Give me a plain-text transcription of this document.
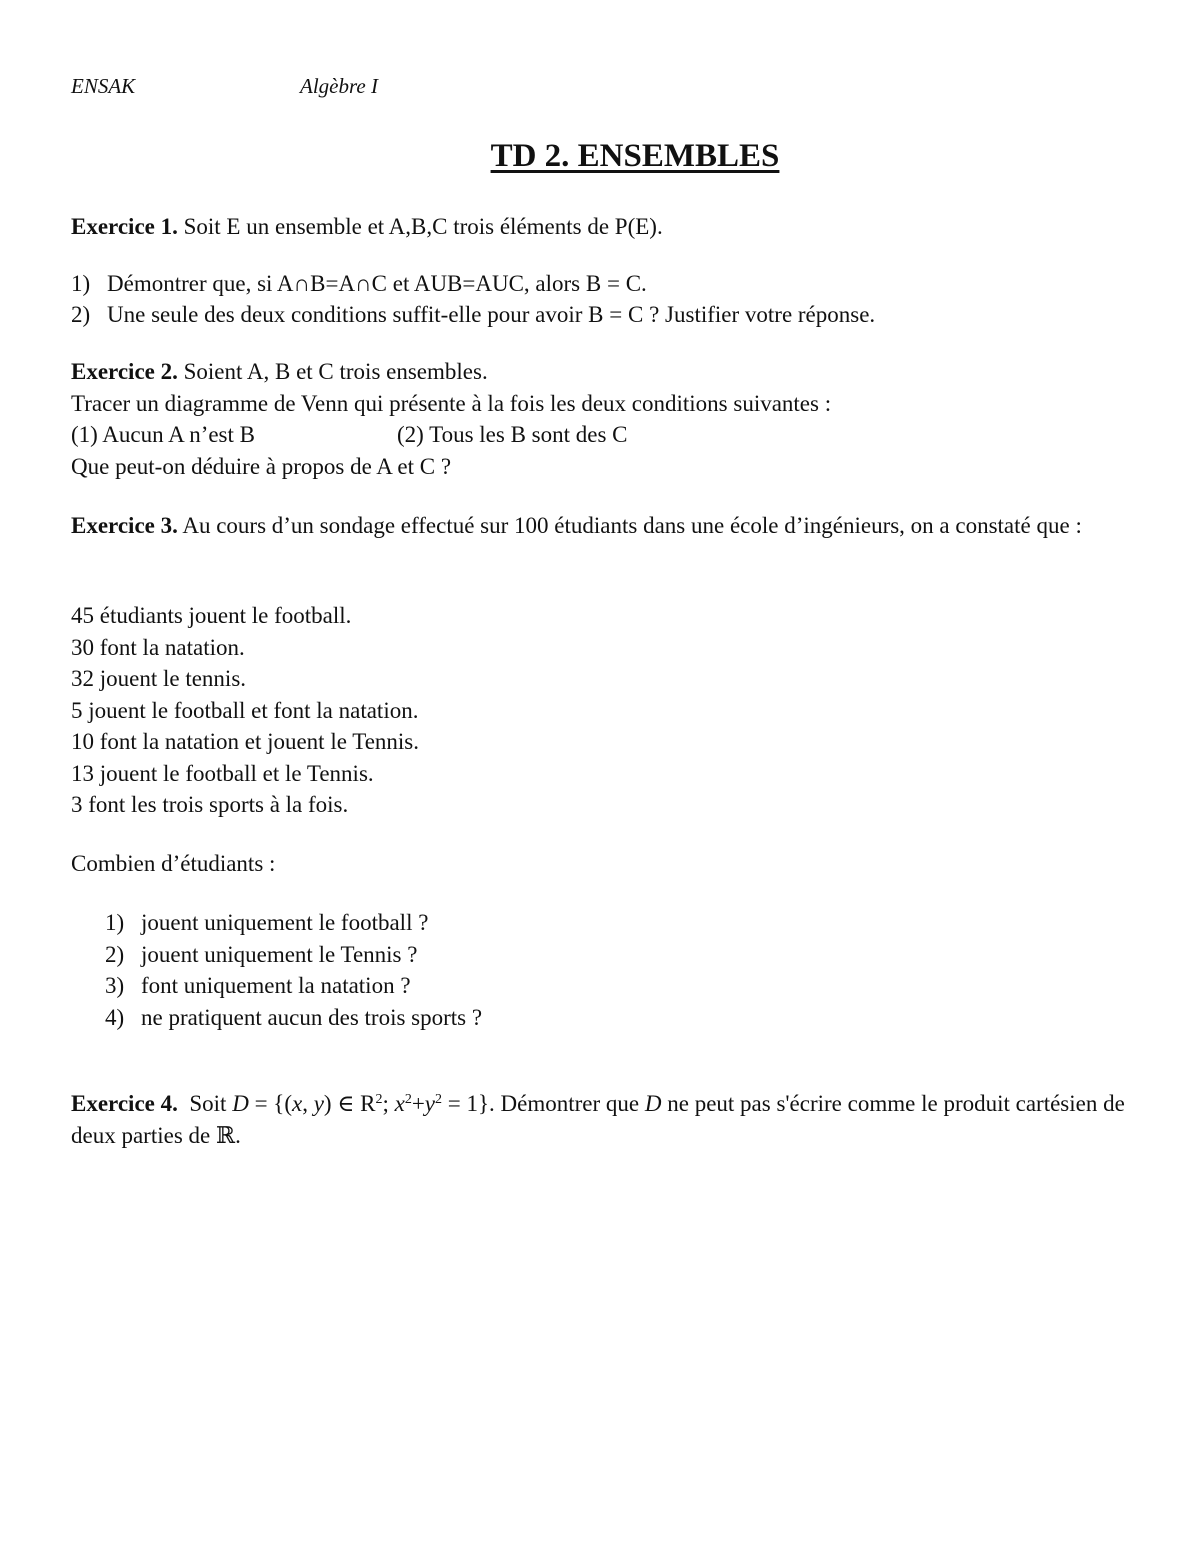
ENSAK	Algèbre I
TD 2. ENSEMBLES
Exercice 1. Soit E un ensemble et A,B,C trois éléments de P(E).
1) Démontrer que, si A∩B=A∩C et AUB=AUC, alors B = C.
2) Une seule des deux conditions suffit-elle pour avoir B = C ? Justifier votre réponse.
Exercice 2. Soient A, B et C trois ensembles.
Tracer un diagramme de Venn qui présente à la fois les deux conditions suivantes :
(1) Aucun A n’est B	(2) Tous les B sont des C
Que peut-on déduire à propos de A et C ?
Exercice 3. Au cours d’un sondage effectué sur 100 étudiants dans une école d’ingénieurs, on a constaté que :
45 étudiants jouent le football.
30 font la natation.
32 jouent le tennis.
5 jouent le football et font la natation.
10 font la natation et jouent le Tennis.
13 jouent le football et le Tennis.
3 font les trois sports à la fois.
Combien d’étudiants :
1) jouent uniquement le football ?
2) jouent uniquement le Tennis ?
3) font uniquement la natation ?
4) ne pratiquent aucun des trois sports ?
Exercice 4. Soit D = {(x, y) ∈ $R^2$; $x^2+y^2 = 1$}. Démontrer que D ne peut pas s'écrire comme le produit cartésien de deux parties de ℝ.
